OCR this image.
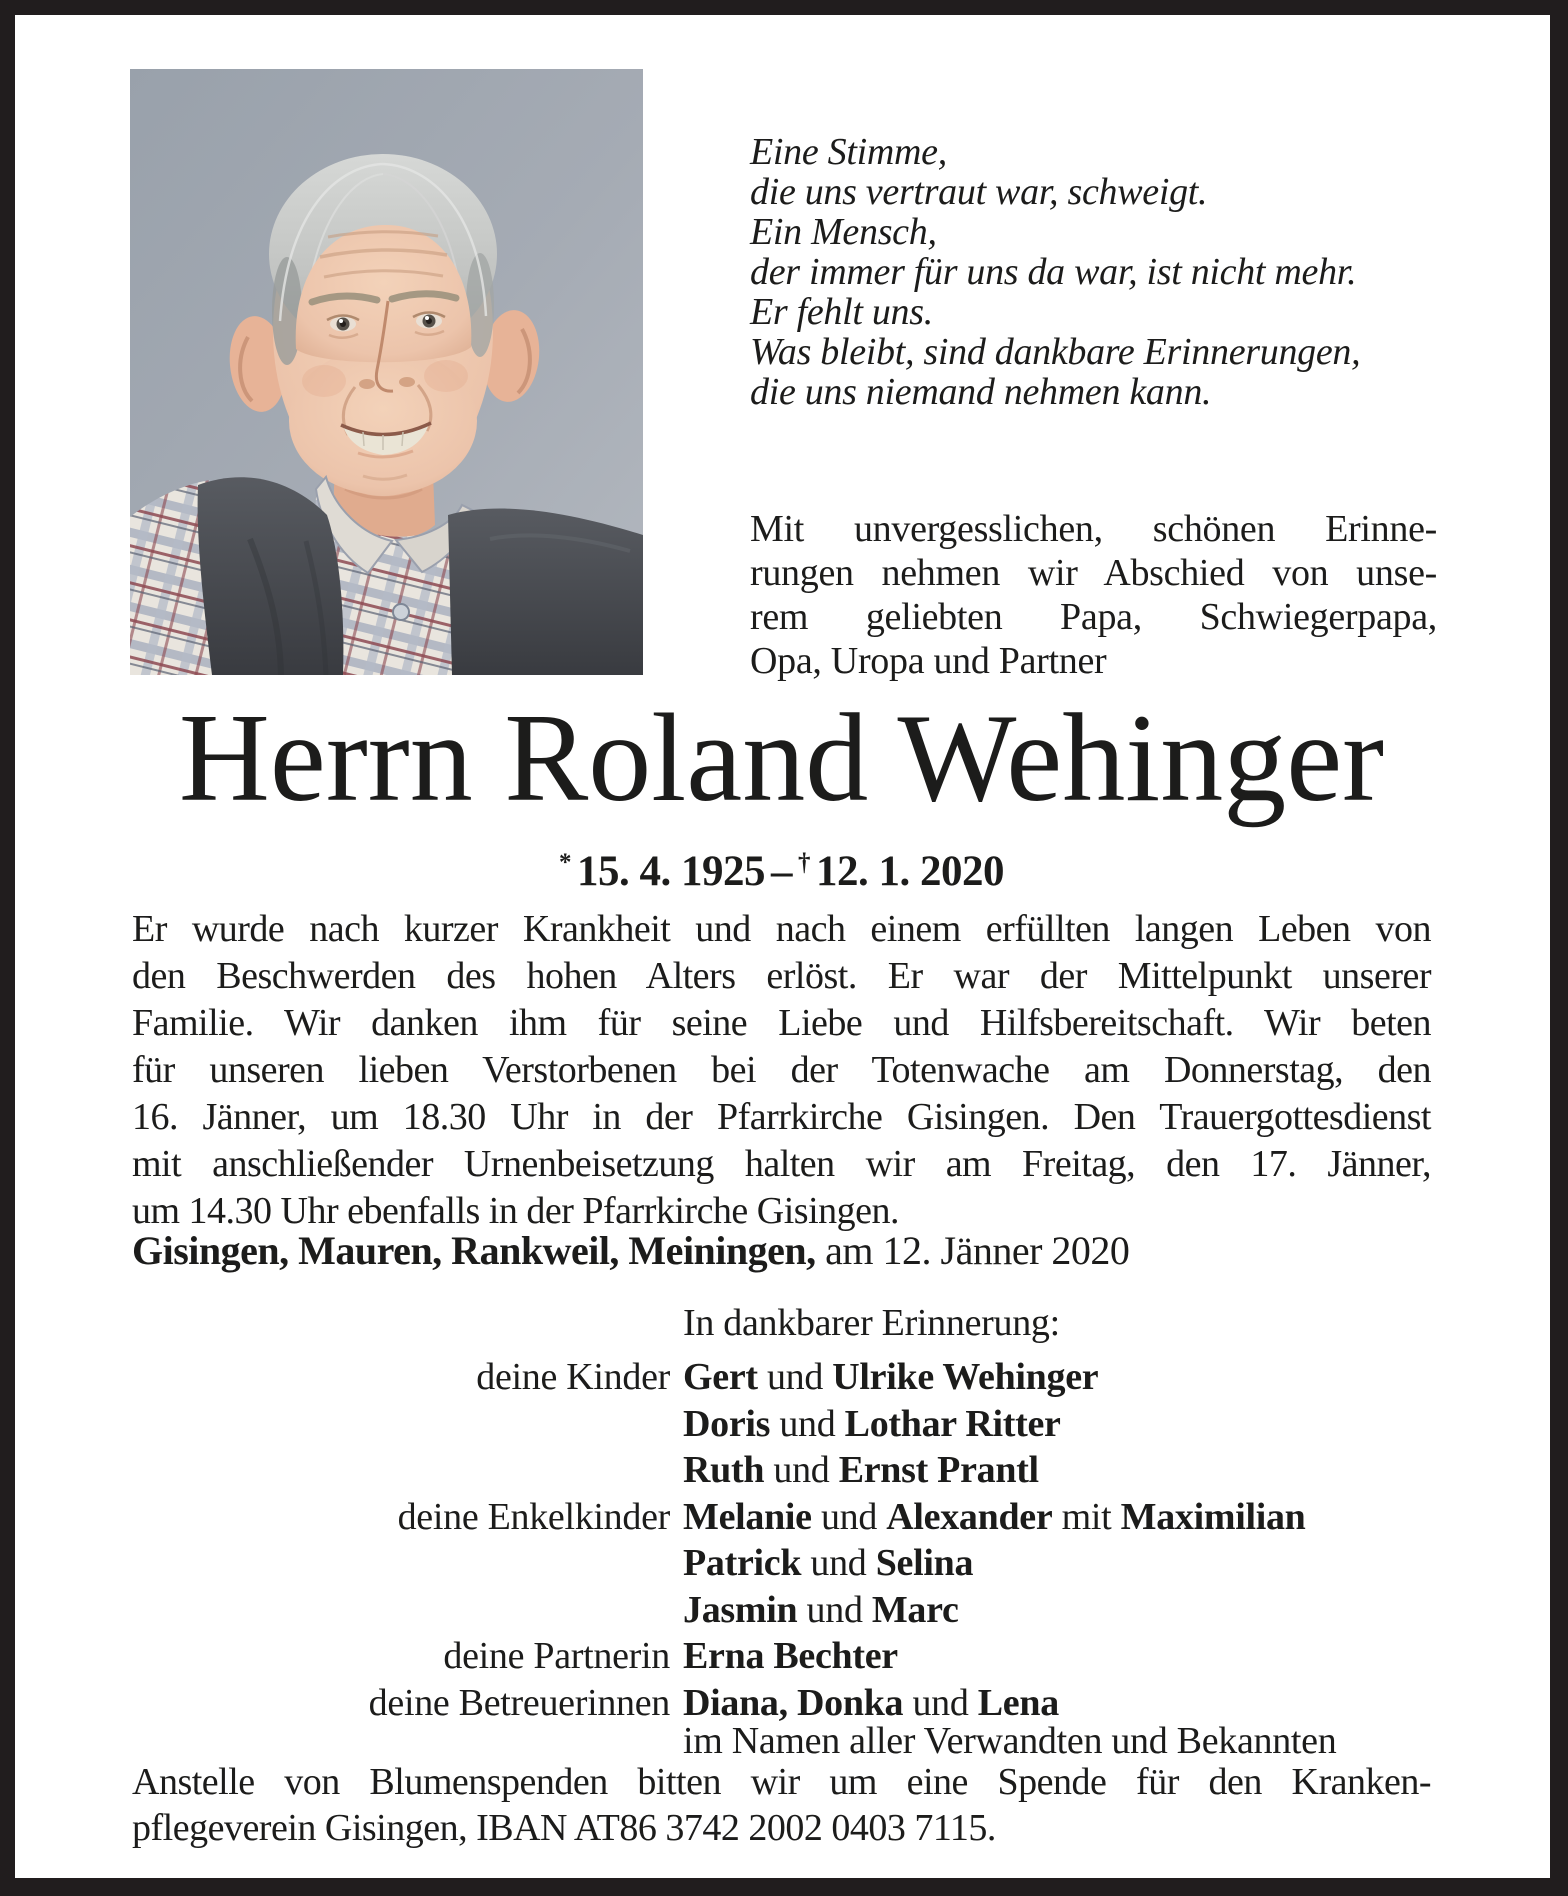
Eine Stimme,
die uns vertraut war, schweigt.
Ein Mensch,
der immer für uns da war, ist nicht mehr.
Er fehlt uns.
Was bleibt, sind dankbare Erinnerungen,
die uns niemand nehmen kann.
Mit unvergesslichen, schönen Erinne-
rungen nehmen wir Abschied von unse-
rem geliebten Papa, Schwiegerpapa,
Opa, Uropa und Partner
Herrn Roland Wehinger
* 15. 4. 1925 – † 12. 1. 2020
Er wurde nach kurzer Krankheit und nach einem erfüllten langen Leben von
den Beschwerden des hohen Alters erlöst. Er war der Mittelpunkt unserer
Familie. Wir danken ihm für seine Liebe und Hilfsbereitschaft. Wir beten
für unseren lieben Verstorbenen bei der Totenwache am Donnerstag, den
16. Jänner, um 18.30 Uhr in der Pfarrkirche Gisingen. Den Trauergottesdienst
mit anschließender Urnenbeisetzung halten wir am Freitag, den 17. Jänner,
um 14.30 Uhr ebenfalls in der Pfarrkirche Gisingen.
Gisingen, Mauren, Rankweil, Meiningen, am 12. Jänner 2020
In dankbarer Erinnerung:
deine Kinder Gert und Ulrike Wehinger
Doris und Lothar Ritter
Ruth und Ernst Prantl
deine Enkelkinder Melanie und Alexander mit Maximilian
Patrick und Selina
Jasmin und Marc
deine Partnerin Erna Bechter
deine Betreuerinnen Diana, Donka und Lena
im Namen aller Verwandten und Bekannten
Anstelle von Blumenspenden bitten wir um eine Spende für den Kranken-
pflegeverein Gisingen, IBAN AT86 3742 2002 0403 7115.
